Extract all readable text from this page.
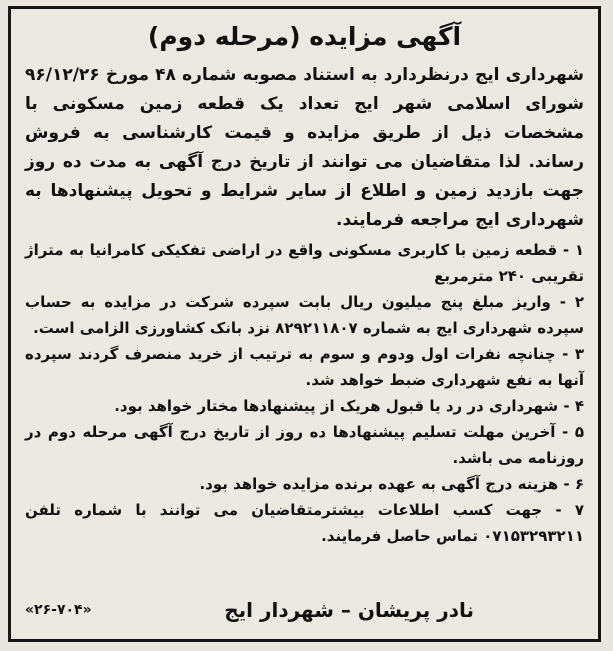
آگهی مزایده (مرحله دوم)

شهرداری ایج درنظردارد به استناد مصوبه شماره ۴۸ مورخ ۹۶/۱۲/۲۶ شورای اسلامی شهر ایج تعداد یک قطعه زمین مسکونی با مشخصات ذیل از طریق مزایده و قیمت کارشناسی به فروش رساند. لذا متقاضیان می توانند از تاریخ درج آگهی به مدت ده روز جهت بازدید زمین و اطلاع از سایر شرایط و تحویل پیشنهادها به شهرداری ایج مراجعه فرمایند.

۱ - قطعه زمین با کاربری مسکونی واقع در اراضی تفکیکی کامرانیا به متراژ تقریبی ۲۴۰ مترمربع
۲ - واریز مبلغ پنج میلیون ریال بابت سپرده شرکت در مزایده به حساب سپرده شهرداری ایج به شماره ۸۲۹۲۱۱۸۰۷ نزد بانک کشاورزی الزامی است.
۳ - چنانچه نفرات اول ودوم و سوم به ترتیب از خرید منصرف گردند سپرده آنها به نفع شهرداری ضبط خواهد شد.
۴ - شهرداری در رد یا قبول هریک از پیشنهادها مختار خواهد بود.
۵ - آخرین مهلت تسلیم پیشنهادها ده روز از تاریخ درج آگهی مرحله دوم در روزنامه می باشد.
۶ - هزینه درج آگهی به عهده برنده مزایده خواهد بود.
۷ - جهت کسب اطلاعات بیشترمتقاضیان می توانند با شماره تلفن ۰۷۱۵۳۲۹۳۲۱۱ تماس حاصل فرمایند.
نادر پریشان – شهردار ایج
«۲۶-۷۰۴»
